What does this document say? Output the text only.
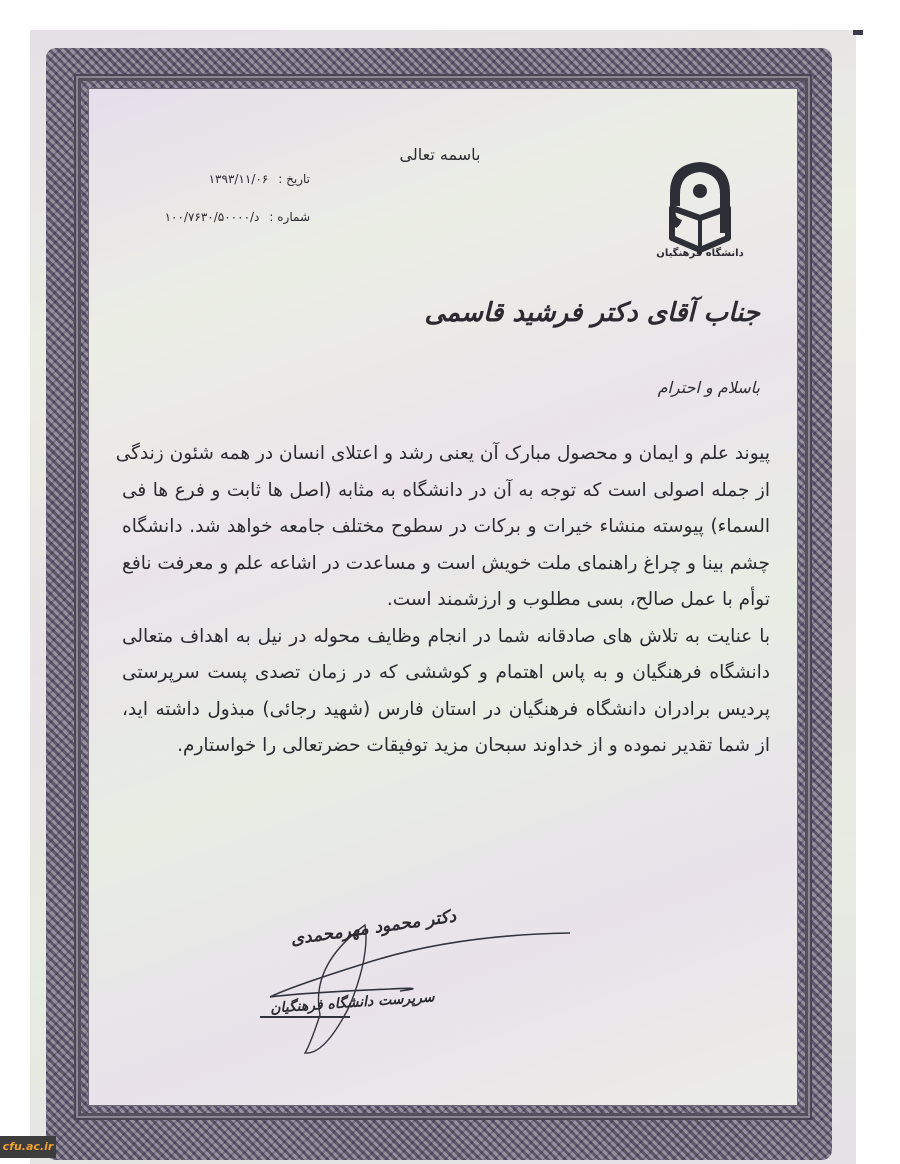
باسمه تعالی
تاریخ :
۱۳۹۳/۱۱/۰۶
شماره :
د/۱۰۰/۷۶۳۰/۵۰۰۰۰
دانشگاه فرهنگیان
جناب آقای دکتر فرشید قاسمی
باسلام و احترام
پیوند علم و ایمان و محصول مبارک آن یعنی رشد و اعتلای انسان در همه شئون زندگی
از جمله اصولی است که توجه به آن در دانشگاه به مثابه (اصل ها ثابت و فرع ها فی
السماء) پیوسته منشاء خیرات و برکات در سطوح مختلف جامعه خواهد شد. دانشگاه
چشم بینا و چراغ راهنمای ملت خویش است و مساعدت در اشاعه علم و معرفت نافع
توأم با عمل صالح، بسی مطلوب و ارزشمند است.
با عنایت به تلاش های صادقانه شما در انجام وظایف محوله در نیل به اهداف متعالی
دانشگاه فرهنگیان و به پاس اهتمام و کوششی که در زمان تصدی پست سرپرستی
پردیس برادران دانشگاه فرهنگیان در استان فارس (شهید رجائی) مبذول داشته اید،
از شما تقدیر نموده و از خداوند سبحان مزید توفیقات حضرتعالی را خواستارم.
دکتر محمود مهرمحمدی
سرپرست دانشگاه فرهنگیان
cfu.ac.ir
